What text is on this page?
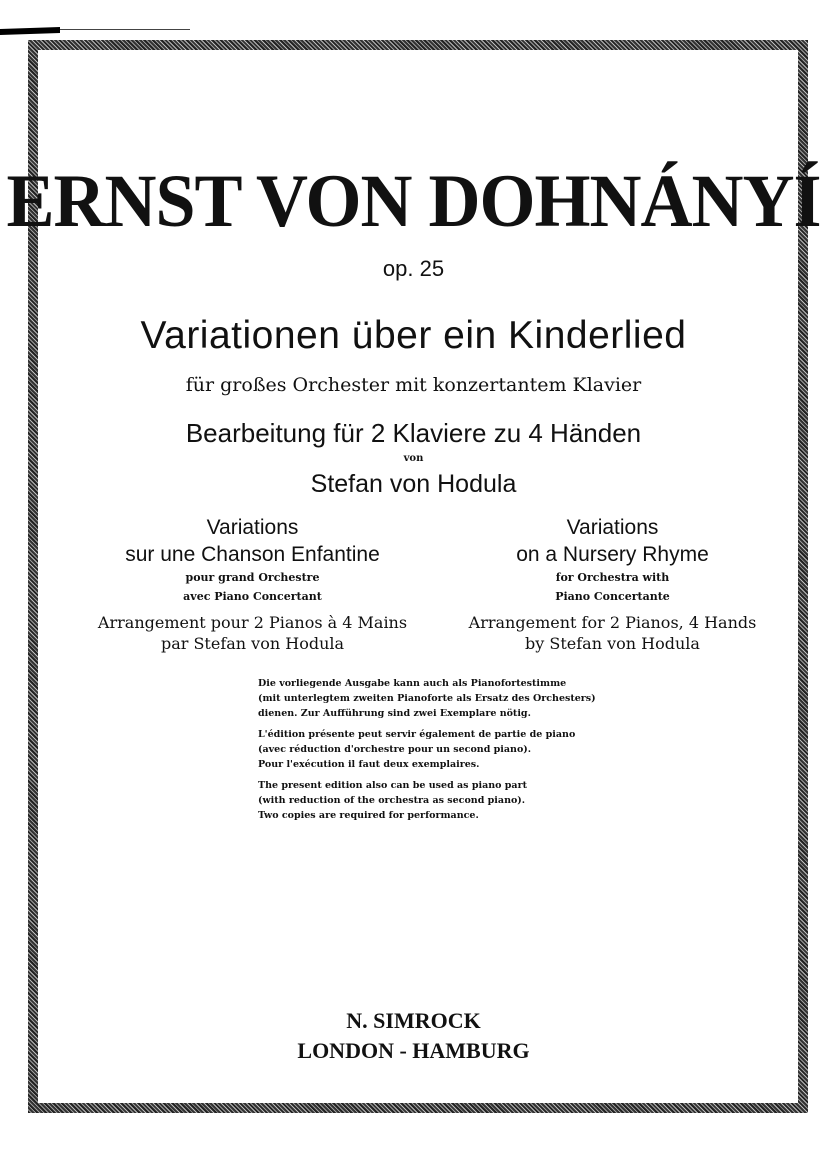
ERNST VON DOHNÁNYÍ
op. 25
Variationen über ein Kinderlied
für großes Orchester mit konzertantem Klavier
Bearbeitung für 2 Klaviere zu 4 Händen
von
Stefan von Hodula
Variations
sur une Chanson Enfantine
pour grand Orchestre
avec Piano Concertant
Arrangement pour 2 Pianos à 4 Mains
par Stefan von Hodula
Variations
on a Nursery Rhyme
for Orchestra with
Piano Concertante
Arrangement for 2 Pianos, 4 Hands
by Stefan von Hodula

Die vorliegende Ausgabe kann auch als Pianofortestimme
(mit unterlegtem zweiten Pianoforte als Ersatz des Orchesters)
dienen. Zur Aufführung sind zwei Exemplare nötig.

L'édition présente peut servir également de partie de piano
(avec réduction d'orchestre pour un second piano).
Pour l'exécution il faut deux exemplaires.

The present edition also can be used as piano part
(with reduction of the orchestra as second piano).
Two copies are required for performance.

N. SIMROCK
LONDON - HAMBURG
